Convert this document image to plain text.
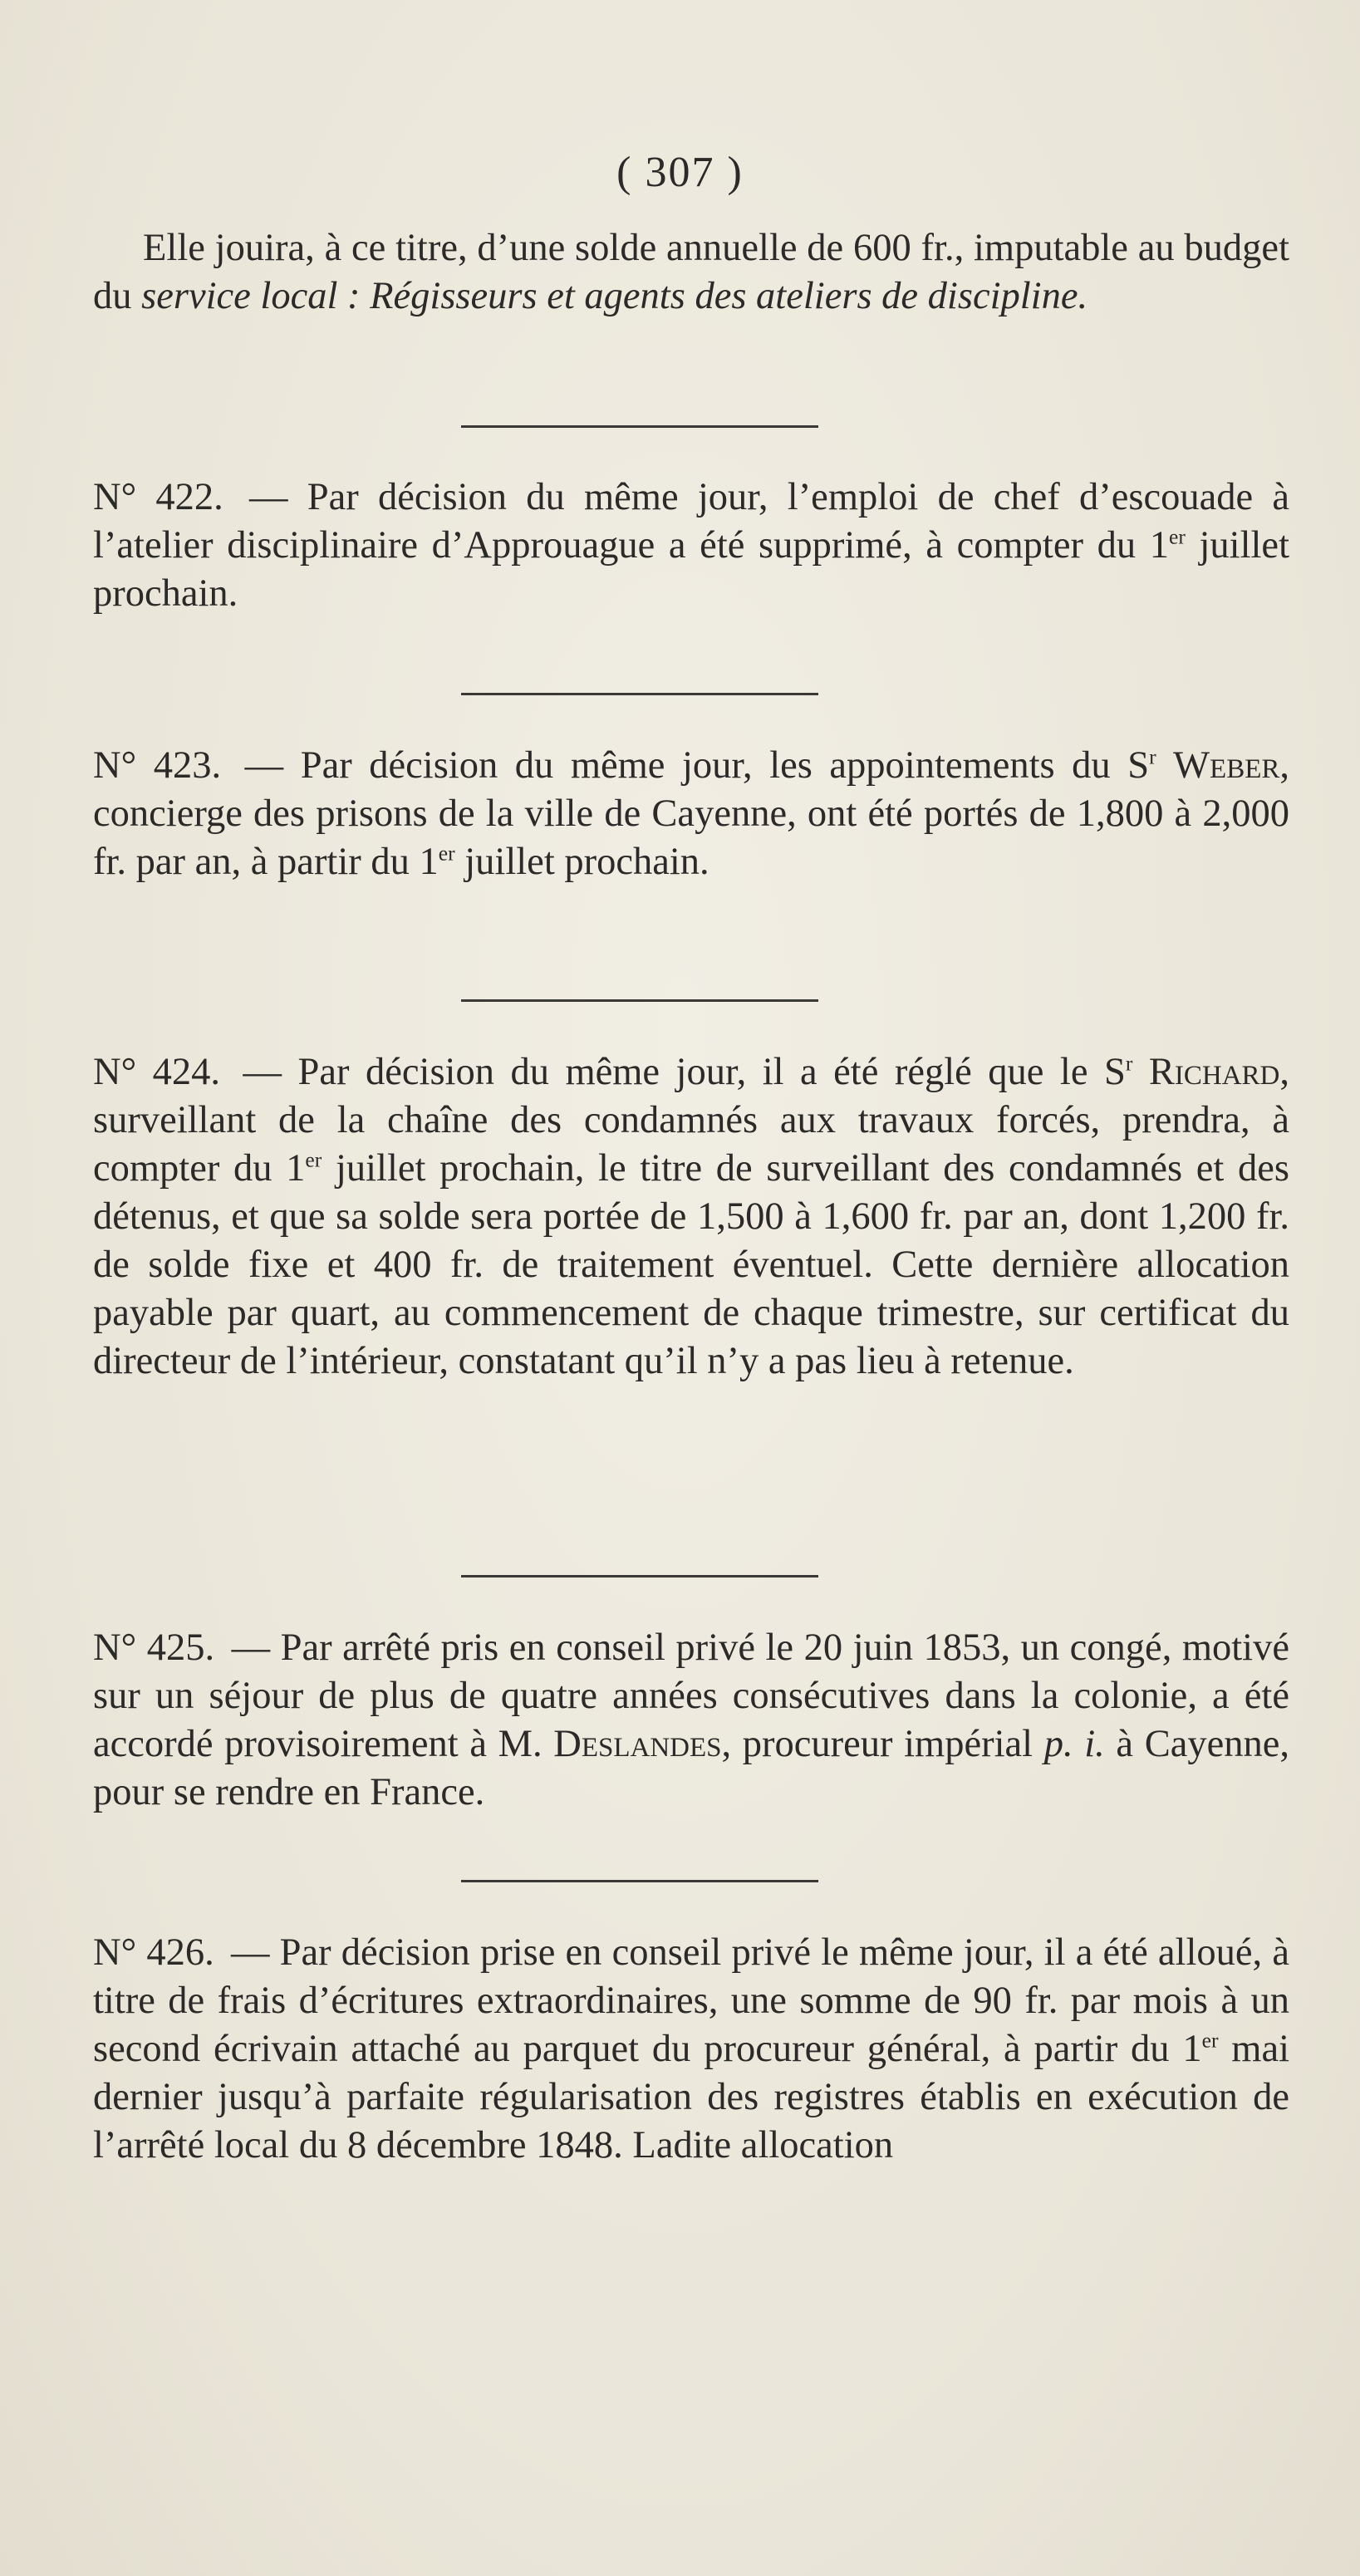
( 307 )

Elle jouira, à ce titre, d’une solde annuelle de 600 fr., imputable au budget du service local : Régisseurs et agents des ateliers de discipline.

N° 422. — Par décision du même jour, l’emploi de chef d’escouade à l’atelier disciplinaire d’Approuague a été supprimé, à compter du 1er juillet prochain.

N° 423. — Par décision du même jour, les appointements du $S^r$ Weber, concierge des prisons de la ville de Cayenne, ont été portés de 1,800 à 2,000 fr. par an, à partir du 1er juillet prochain.

N° 424. — Par décision du même jour, il a été réglé que le $S^r$ Richard, surveillant de la chaîne des condamnés aux travaux forcés, prendra, à compter du 1er juillet prochain, le titre de surveillant des condamnés et des détenus, et que sa solde sera portée de 1,500 à 1,600 fr. par an, dont 1,200 fr. de solde fixe et 400 fr. de traitement éventuel. Cette dernière allocation payable par quart, au commencement de chaque trimestre, sur certificat du directeur de l’intérieur, constatant qu’il n’y a pas lieu à retenue.

N° 425. — Par arrêté pris en conseil privé le 20 juin 1853, un congé, motivé sur un séjour de plus de quatre années consécutives dans la colonie, a été accordé provisoirement à M. Deslandes, procureur impérial p. i. à Cayenne, pour se rendre en France.

N° 426. — Par décision prise en conseil privé le même jour, il a été alloué, à titre de frais d’écritures extraordinaires, une somme de 90 fr. par mois à un second écrivain attaché au parquet du procureur général, à partir du 1er mai dernier jusqu’à parfaite régularisation des registres établis en exécution de l’arrêté local du 8 décembre 1848. Ladite allocation
